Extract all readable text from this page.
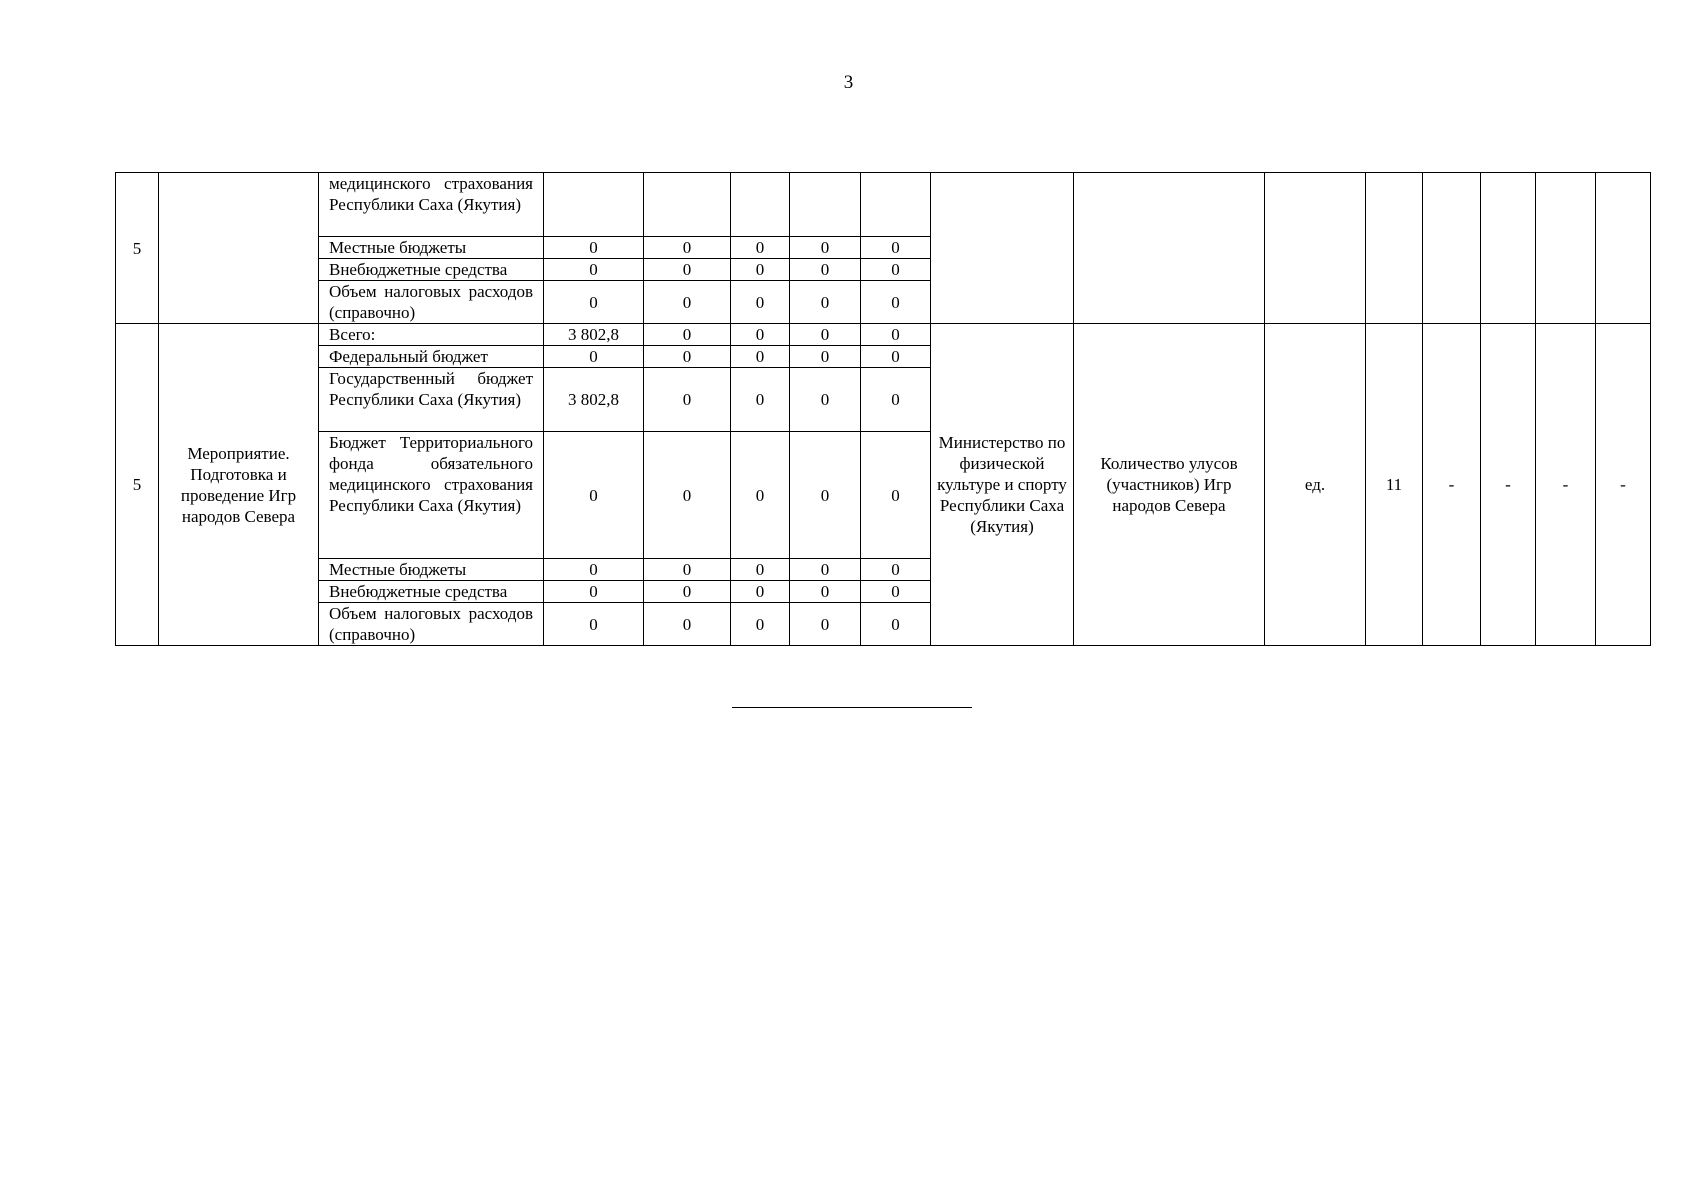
3
5		медицинского страхования Республики Саха (Якутия)													
		Местные бюджеты	0	0	0	0	0								
		Внебюджетные средства	0	0	0	0	0								
		Объем налоговых расходов (справочно)	0	0	0	0	0								
5	Мероприятие. Подготовка и проведение Игр народов Севера	Всего:	3 802,8	0	0	0	0	Министерство по физической культуре и спорту Республики Саха (Якутия)	Количество улусов (участников) Игр народов Севера	ед.	11	-	-	-	-
		Федеральный бюджет	0	0	0	0	0								
		Государственный бюджет Республики Саха (Якутия)	3 802,8	0	0	0	0								
		Бюджет Территориального фонда обязательного медицинского страхования Республики Саха (Якутия)	0	0	0	0	0								
		Местные бюджеты	0	0	0	0	0								
		Внебюджетные средства	0	0	0	0	0								
		Объем налоговых расходов (справочно)	0	0	0	0	0								
